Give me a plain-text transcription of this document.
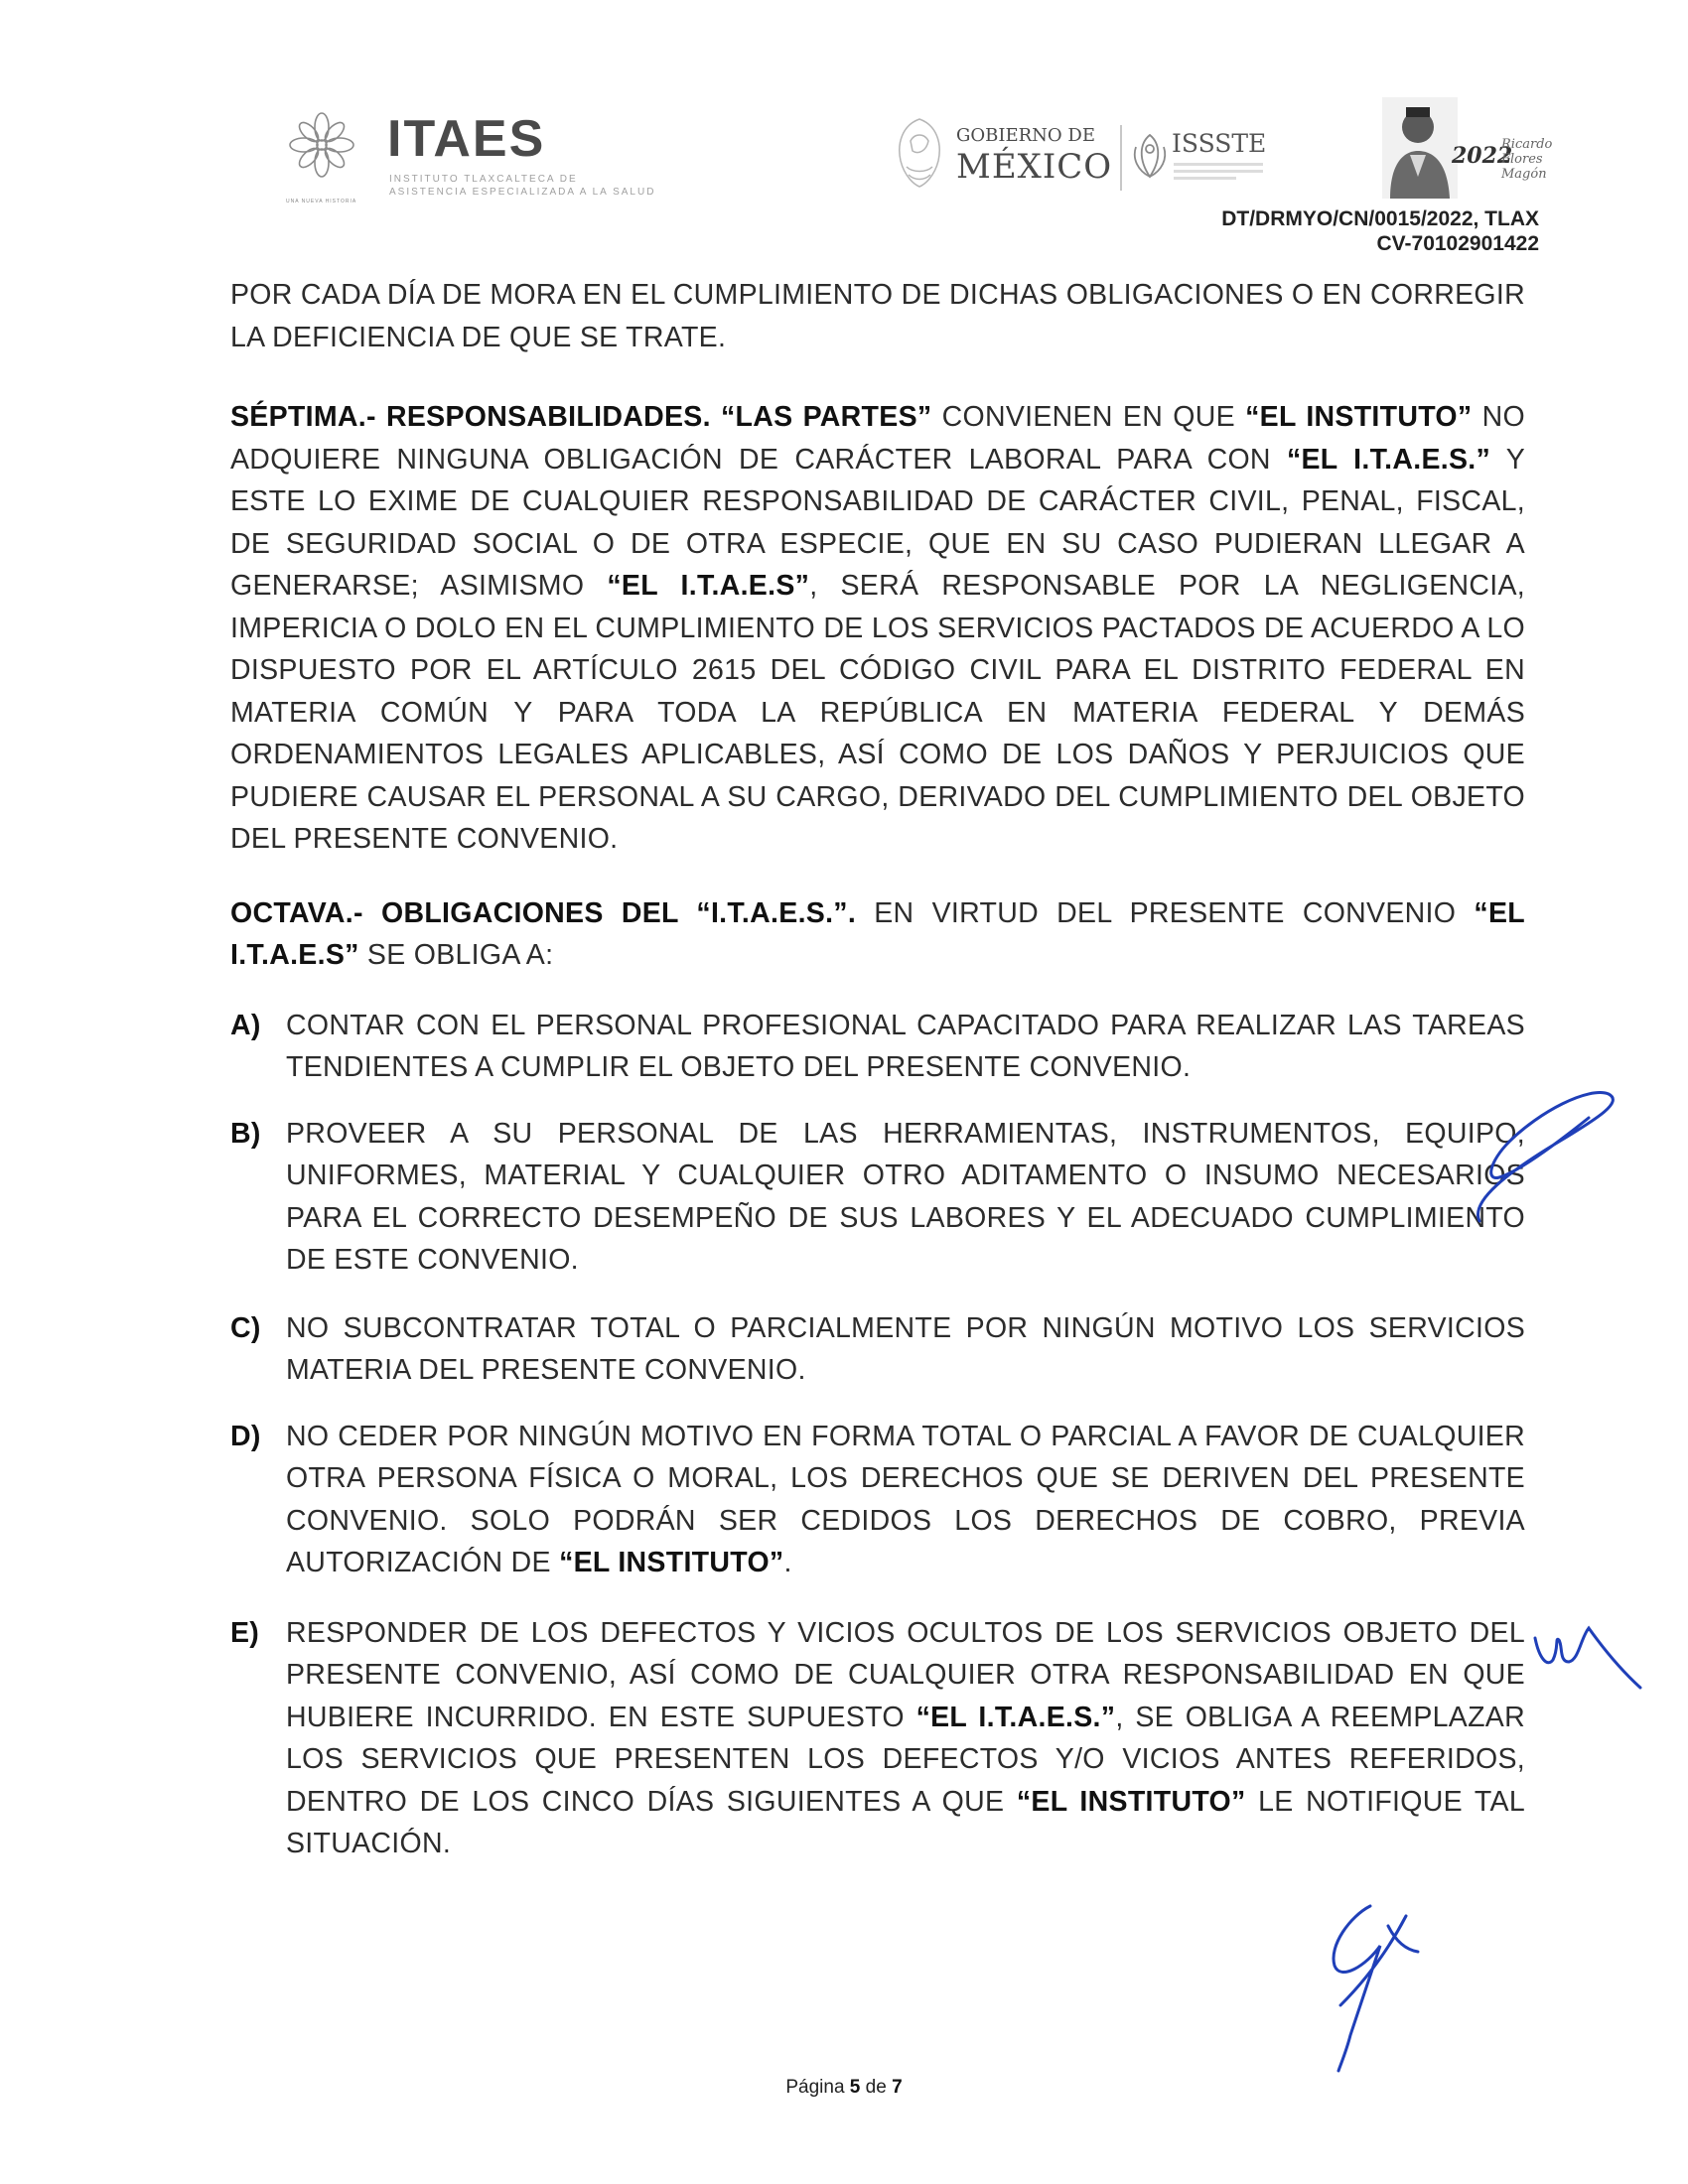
ITAES
INSTITUTO TLAXCALTECA DE
ASISTENCIA ESPECIALIZADA A LA SALUD
UNA NUEVA HISTORIA
GOBIERNO DE
MÉXICO
ISSSTE	2022
Ricardo Flores Magón
DT/DRMYO/CN/0015/2022, TLAX
CV-70102901422

POR CADA DÍA DE MORA EN EL CUMPLIMIENTO DE DICHAS OBLIGACIONES O EN CORREGIR LA DEFICIENCIA DE QUE SE TRATE.

SÉPTIMA.- RESPONSABILIDADES. “LAS PARTES” CONVIENEN EN QUE “EL INSTITUTO” NO ADQUIERE NINGUNA OBLIGACIÓN DE CARÁCTER LABORAL PARA CON “EL I.T.A.E.S.” Y ESTE LO EXIME DE CUALQUIER RESPONSABILIDAD DE CARÁCTER CIVIL, PENAL, FISCAL, DE SEGURIDAD SOCIAL O DE OTRA ESPECIE, QUE EN SU CASO PUDIERAN LLEGAR A GENERARSE; ASIMISMO “EL I.T.A.E.S”, SERÁ RESPONSABLE POR LA NEGLIGENCIA, IMPERICIA O DOLO EN EL CUMPLIMIENTO DE LOS SERVICIOS PACTADOS DE ACUERDO A LO DISPUESTO POR EL ARTÍCULO 2615 DEL CÓDIGO CIVIL PARA EL DISTRITO FEDERAL EN MATERIA COMÚN Y PARA TODA LA REPÚBLICA EN MATERIA FEDERAL Y DEMÁS ORDENAMIENTOS LEGALES APLICABLES, ASÍ COMO DE LOS DAÑOS Y PERJUICIOS QUE PUDIERE CAUSAR EL PERSONAL A SU CARGO, DERIVADO DEL CUMPLIMIENTO DEL OBJETO DEL PRESENTE CONVENIO.

OCTAVA.- OBLIGACIONES DEL “I.T.A.E.S.”. EN VIRTUD DEL PRESENTE CONVENIO “EL I.T.A.E.S” SE OBLIGA A:

A) CONTAR CON EL PERSONAL PROFESIONAL CAPACITADO PARA REALIZAR LAS TAREAS TENDIENTES A CUMPLIR EL OBJETO DEL PRESENTE CONVENIO.
B) PROVEER A SU PERSONAL DE LAS HERRAMIENTAS, INSTRUMENTOS, EQUIPO, UNIFORMES, MATERIAL Y CUALQUIER OTRO ADITAMENTO O INSUMO NECESARIOS PARA EL CORRECTO DESEMPEÑO DE SUS LABORES Y EL ADECUADO CUMPLIMIENTO DE ESTE CONVENIO.
C) NO SUBCONTRATAR TOTAL O PARCIALMENTE POR NINGÚN MOTIVO LOS SERVICIOS MATERIA DEL PRESENTE CONVENIO.
D) NO CEDER POR NINGÚN MOTIVO EN FORMA TOTAL O PARCIAL A FAVOR DE CUALQUIER OTRA PERSONA FÍSICA O MORAL, LOS DERECHOS QUE SE DERIVEN DEL PRESENTE CONVENIO. SOLO PODRÁN SER CEDIDOS LOS DERECHOS DE COBRO, PREVIA AUTORIZACIÓN DE “EL INSTITUTO”.
E) RESPONDER DE LOS DEFECTOS Y VICIOS OCULTOS DE LOS SERVICIOS OBJETO DEL PRESENTE CONVENIO, ASÍ COMO DE CUALQUIER OTRA RESPONSABILIDAD EN QUE HUBIERE INCURRIDO. EN ESTE SUPUESTO “EL I.T.A.E.S.”, SE OBLIGA A REEMPLAZAR LOS SERVICIOS QUE PRESENTEN LOS DEFECTOS Y/O VICIOS ANTES REFERIDOS, DENTRO DE LOS CINCO DÍAS SIGUIENTES A QUE “EL INSTITUTO” LE NOTIFIQUE TAL SITUACIÓN.
Página 5 de 7
